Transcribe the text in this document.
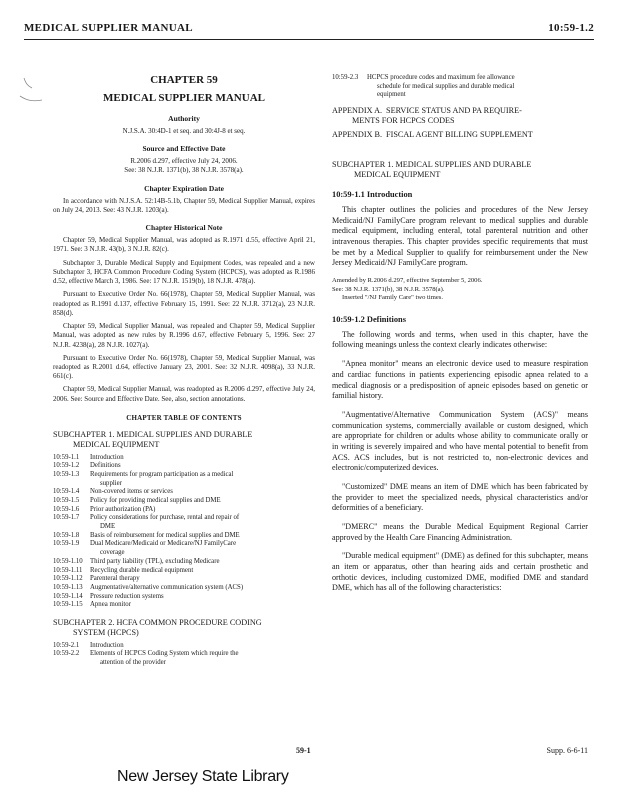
MEDICAL SUPPLIER MANUAL	10:59-1.2
CHAPTER 59
MEDICAL SUPPLIER MANUAL
Authority
N.J.S.A. 30:4D-1 et seq. and 30:4J-8 et seq.
Source and Effective Date
R.2006 d.297, effective July 24, 2006.
See: 38 N.J.R. 1371(b), 38 N.J.R. 3578(a).
Chapter Expiration Date
In accordance with N.J.S.A. 52:14B-5.1b, Chapter 59, Medical Supplier Manual, expires on July 24, 2013. See: 43 N.J.R. 1203(a).
Chapter Historical Note
Chapter 59, Medical Supplier Manual, was adopted as R.1971 d.55, effective April 21, 1971. See: 3 N.J.R. 43(b), 3 N.J.R. 82(c).
Subchapter 3, Durable Medical Supply and Equipment Codes, was repealed and a new Subchapter 3, HCFA Common Procedure Coding System (HCPCS), was adopted as R.1986 d.52, effective March 3, 1986. See: 17 N.J.R. 1519(b), 18 N.J.R. 478(a).
Pursuant to Executive Order No. 66(1978), Chapter 59, Medical Supplier Manual, was readopted as R.1991 d.137, effective February 15, 1991. See: 22 N.J.R. 3712(a), 23 N.J.R. 858(d).
Chapter 59, Medical Supplier Manual, was repealed and Chapter 59, Medical Supplier Manual, was adopted as new rules by R.1996 d.67, effective February 5, 1996. See: 27 N.J.R. 4238(a), 28 N.J.R. 1027(a).
Pursuant to Executive Order No. 66(1978), Chapter 59, Medical Supplier Manual, was readopted as R.2001 d.64, effective January 23, 2001. See: 32 N.J.R. 4098(a), 33 N.J.R. 661(c).
Chapter 59, Medical Supplier Manual, was readopted as R.2006 d.297, effective July 24, 2006. See: Source and Effective Date. See, also, section annotations.
CHAPTER TABLE OF CONTENTS
SUBCHAPTER 1. MEDICAL SUPPLIES AND DURABLE
MEDICAL EQUIPMENT
10:59-1.1	Introduction
10:59-1.2	Definitions
10:59-1.3	Requirements for program participation as a medical
supplier
10:59-1.4	Non-covered items or services
10:59-1.5	Policy for providing medical supplies and DME
10:59-1.6	Prior authorization (PA)
10:59-1.7	Policy considerations for purchase, rental and repair of
DME
10:59-1.8	Basis of reimbursement for medical supplies and DME
10:59-1.9	Dual Medicare/Medicaid or Medicare/NJ FamilyCare
coverage
10:59-1.10	Third party liability (TPL), excluding Medicare
10:59-1.11	Recycling durable medical equipment
10:59-1.12	Parenteral therapy
10:59-1.13	Augmentative/alternative communication system (ACS)
10:59-1.14	Pressure reduction systems
10:59-1.15	Apnea monitor
SUBCHAPTER 2. HCFA COMMON PROCEDURE CODING
SYSTEM (HCPCS)
10:59-2.1	Introduction
10:59-2.2	Elements of HCPCS Coding System which require the
attention of the provider
10:59-2.3	HCPCS procedure codes and maximum fee allowance
schedule for medical supplies and durable medical
equipment
APPENDIX A. SERVICE STATUS AND PA REQUIRE-
MENTS FOR HCPCS CODES
APPENDIX B. FISCAL AGENT BILLING SUPPLEMENT
SUBCHAPTER 1. MEDICAL SUPPLIES AND DURABLE
MEDICAL EQUIPMENT
10:59-1.1 Introduction
This chapter outlines the policies and procedures of the New Jersey Medicaid/NJ FamilyCare program relevant to medical supplies and durable medical equipment, including enteral, total parenteral nutrition and other intravenous therapies. This chapter provides specific requirements that must be met by a Medical Supplier to qualify for reimbursement under the New Jersey Medicaid/NJ FamilyCare program.
Amended by R.2006 d.297, effective September 5, 2006.
See: 38 N.J.R. 1371(b), 38 N.J.R. 3578(a).
Inserted "/NJ Family Care" two times.
10:59-1.2 Definitions
The following words and terms, when used in this chapter, have the following meanings unless the context clearly indicates otherwise:
"Apnea monitor" means an electronic device used to measure respiration and cardiac functions in patients experiencing episodic apnea related to a medical diagnosis or a predisposition of apneic episodes based on genetic or familial history.
"Augmentative/Alternative Communication System (ACS)" means communication systems, commercially available or custom designed, which are appropriate for children or adults whose ability to communicate orally or in writing is severely impaired and who have mental potential to benefit from ACS. ACS includes, but is not restricted to, non-electronic devices and electronic/computerized devices.
"Customized" DME means an item of DME which has been fabricated by the provider to meet the specialized needs, physical characteristics and/or deformities of a beneficiary.
"DMERC" means the Durable Medical Equipment Regional Carrier approved by the Health Care Financing Administration.
"Durable medical equipment" (DME) as defined for this subchapter, means an item or apparatus, other than hearing aids and certain prosthetic and orthotic devices, including customized DME, modified DME and standard DME, which has all of the following characteristics:
59-1	Supp. 6-6-11
New Jersey State Library
